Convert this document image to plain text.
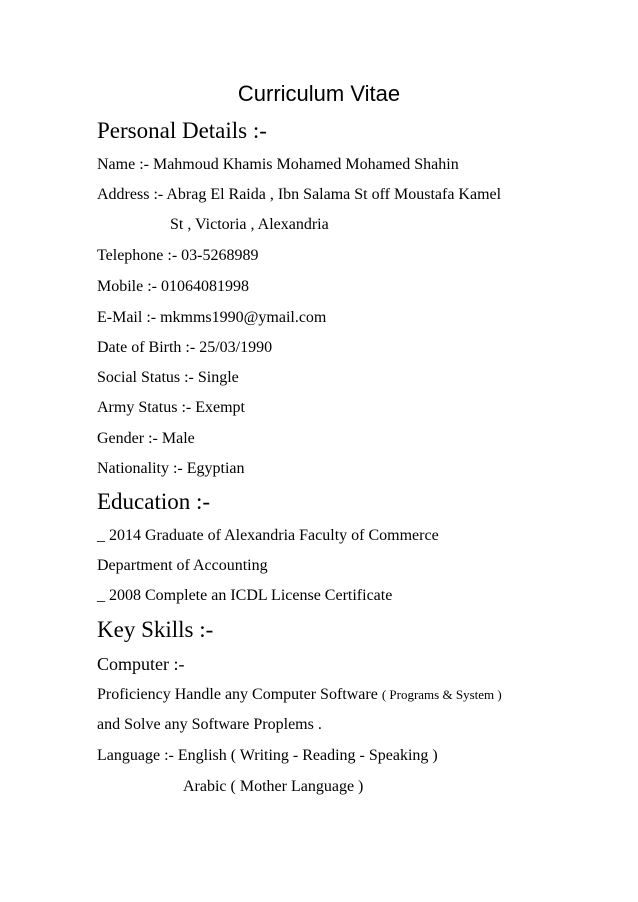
Curriculum Vitae
Personal Details :-
Name :- Mahmoud Khamis Mohamed Mohamed Shahin
Address :- Abrag El Raida , Ibn Salama St off Moustafa Kamel
St , Victoria , Alexandria
Telephone :- 03-5268989
Mobile :- 01064081998
E-Mail :- mkmms1990@ymail.com
Date of Birth :- 25/03/1990
Social Status :- Single
Army Status :- Exempt
Gender :- Male
Nationality :- Egyptian
Education :-
_ 2014 Graduate of Alexandria Faculty of Commerce
Department of Accounting
_ 2008 Complete an ICDL License Certificate
Key Skills :-
Computer :-
Proficiency Handle any Computer Software ( Programs & System )
and Solve any Software Proplems .
Language :- English ( Writing - Reading - Speaking )
Arabic ( Mother Language )
